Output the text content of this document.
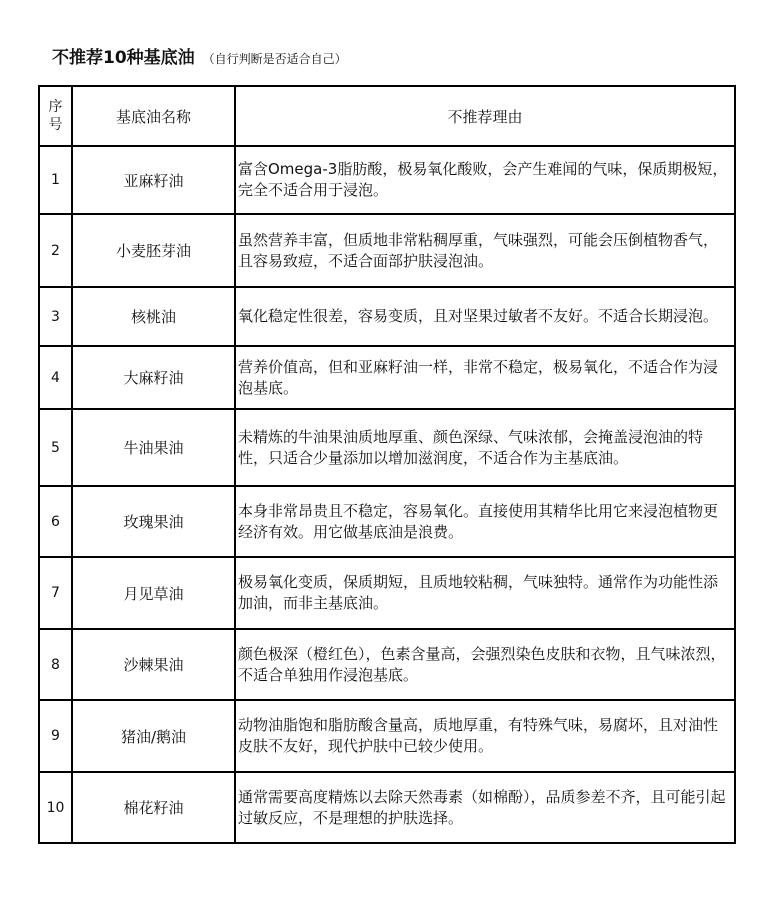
不推荐10种基底油 （自行判断是否适合自己）
序号	基底油名称	不推荐理由
1	亚麻籽油	富含Omega-3脂肪酸，极易氧化酸败，会产生难闻的气味，保质期极短，完全不适合用于浸泡。
2	小麦胚芽油	虽然营养丰富，但质地非常粘稠厚重，气味强烈，可能会压倒植物香气，且容易致痘，不适合面部护肤浸泡油。
3	核桃油	氧化稳定性很差，容易变质，且对坚果过敏者不友好。不适合长期浸泡。
4	大麻籽油	营养价值高，但和亚麻籽油一样，非常不稳定，极易氧化，不适合作为浸泡基底。
5	牛油果油	未精炼的牛油果油质地厚重、颜色深绿、气味浓郁，会掩盖浸泡油的特性，只适合少量添加以增加滋润度，不适合作为主基底油。
6	玫瑰果油	本身非常昂贵且不稳定，容易氧化。直接使用其精华比用它来浸泡植物更经济有效。用它做基底油是浪费。
7	月见草油	极易氧化变质，保质期短，且质地较粘稠，气味独特。通常作为功能性添加油，而非主基底油。
8	沙棘果油	颜色极深（橙红色），色素含量高，会强烈染色皮肤和衣物，且气味浓烈，不适合单独用作浸泡基底。
9	猪油/鹅油	动物油脂饱和脂肪酸含量高，质地厚重，有特殊气味，易腐坏，且对油性皮肤不友好，现代护肤中已较少使用。
10	棉花籽油	通常需要高度精炼以去除天然毒素（如棉酚），品质参差不齐，且可能引起过敏反应，不是理想的护肤选择。
